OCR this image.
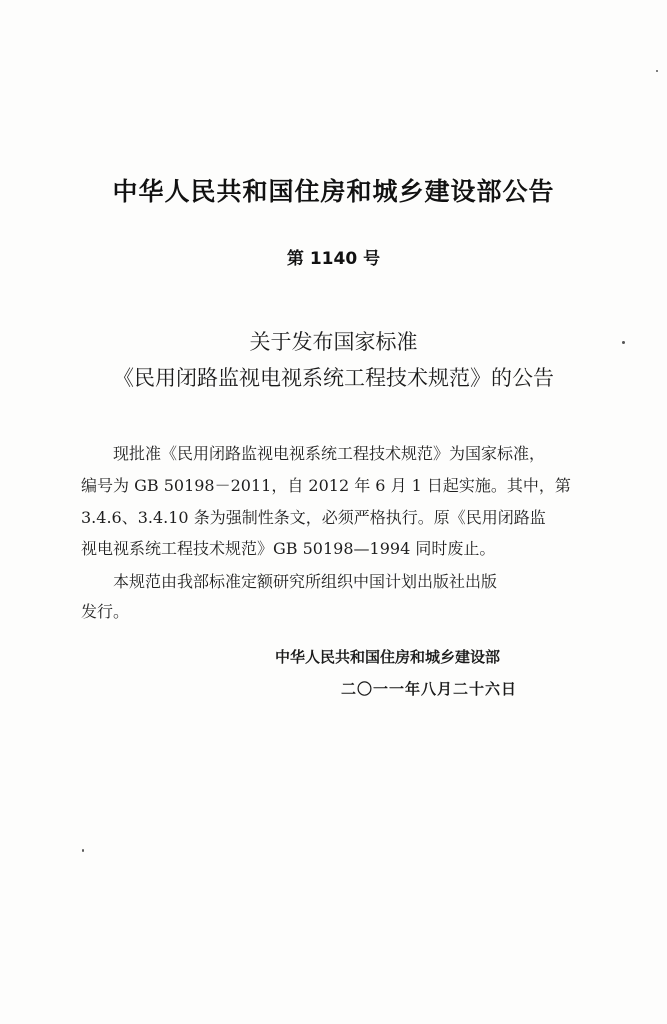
中华人民共和国住房和城乡建设部公告
第 1140 号
关于发布国家标准
《民用闭路监视电视系统工程技术规范》的公告
现批准《民用闭路监视电视系统工程技术规范》为国家标准，
编号为 GB 50198－2011，自 2012 年 6 月 1 日起实施。其中，第
3.4.6、3.4.10 条为强制性条文，必须严格执行。原《民用闭路监
视电视系统工程技术规范》GB 50198—1994 同时废止。
本规范由我部标准定额研究所组织中国计划出版社出版
发行。
中华人民共和国住房和城乡建设部
二〇一一年八月二十六日
